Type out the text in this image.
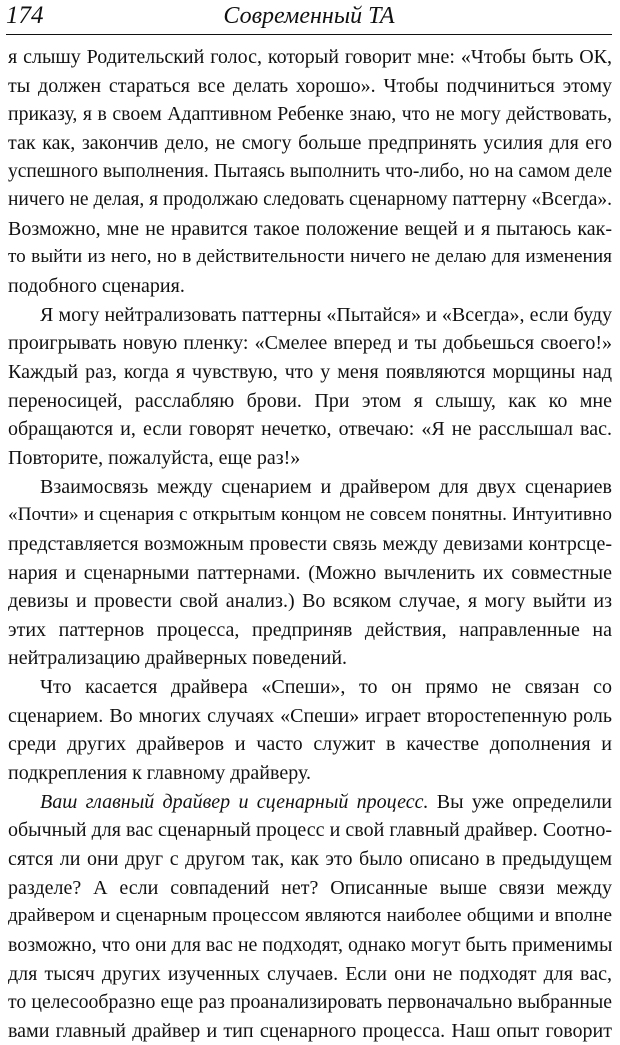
174	Современный ТА
я слышу Родительский голос, который говорит мне: «Чтобы быть ОК,
ты должен стараться все делать хорошо». Чтобы подчиниться этому
приказу, я в своем Адаптивном Ребенке знаю, что не могу действовать,
так как, закончив дело, не смогу больше предпринять усилия для его
успешного выполнения. Пытаясь выполнить что-либо, но на самом деле
ничего не делая, я продолжаю следовать сценарному паттерну «Всегда».
Возможно, мне не нравится такое положение вещей и я пытаюсь как-
то выйти из него, но в действительности ничего не делаю для изменения
подобного сценария.
Я могу нейтрализовать паттерны «Пытайся» и «Всегда», если буду
проигрывать новую пленку: «Смелее вперед и ты добьешься своего!»
Каждый раз, когда я чувствую, что у меня появляются морщины над
переносицей, расслабляю брови. При этом я слышу, как ко мне
обращаются и, если говорят нечетко, отвечаю: «Я не расслышал вас.
Повторите, пожалуйста, еще раз!»
Взаимосвязь между сценарием и драйвером для двух сценариев
«Почти» и сценария с открытым концом не совсем понятны. Интуитивно
представляется возможным провести связь между девизами контрсце-
нария и сценарными паттернами. (Можно вычленить их совместные
девизы и провести свой анализ.) Во всяком случае, я могу выйти из
этих паттернов процесса, предприняв действия, направленные на
нейтрализацию драйверных поведений.
Что касается драйвера «Спеши», то он прямо не связан со
сценарием. Во многих случаях «Спеши» играет второстепенную роль
среди других драйверов и часто служит в качестве дополнения и
подкрепления к главному драйверу.
Ваш главный драйвер и сценарный процесс. Вы уже определили
обычный для вас сценарный процесс и свой главный драйвер. Соотно-
сятся ли они друг с другом так, как это было описано в предыдущем
разделе? А если совпадений нет? Описанные выше связи между
драйвером и сценарным процессом являются наиболее общими и вполне
возможно, что они для вас не подходят, однако могут быть применимы
для тысяч других изученных случаев. Если они не подходят для вас,
то целесообразно еще раз проанализировать первоначально выбранные
вами главный драйвер и тип сценарного процесса. Наш опыт говорит
